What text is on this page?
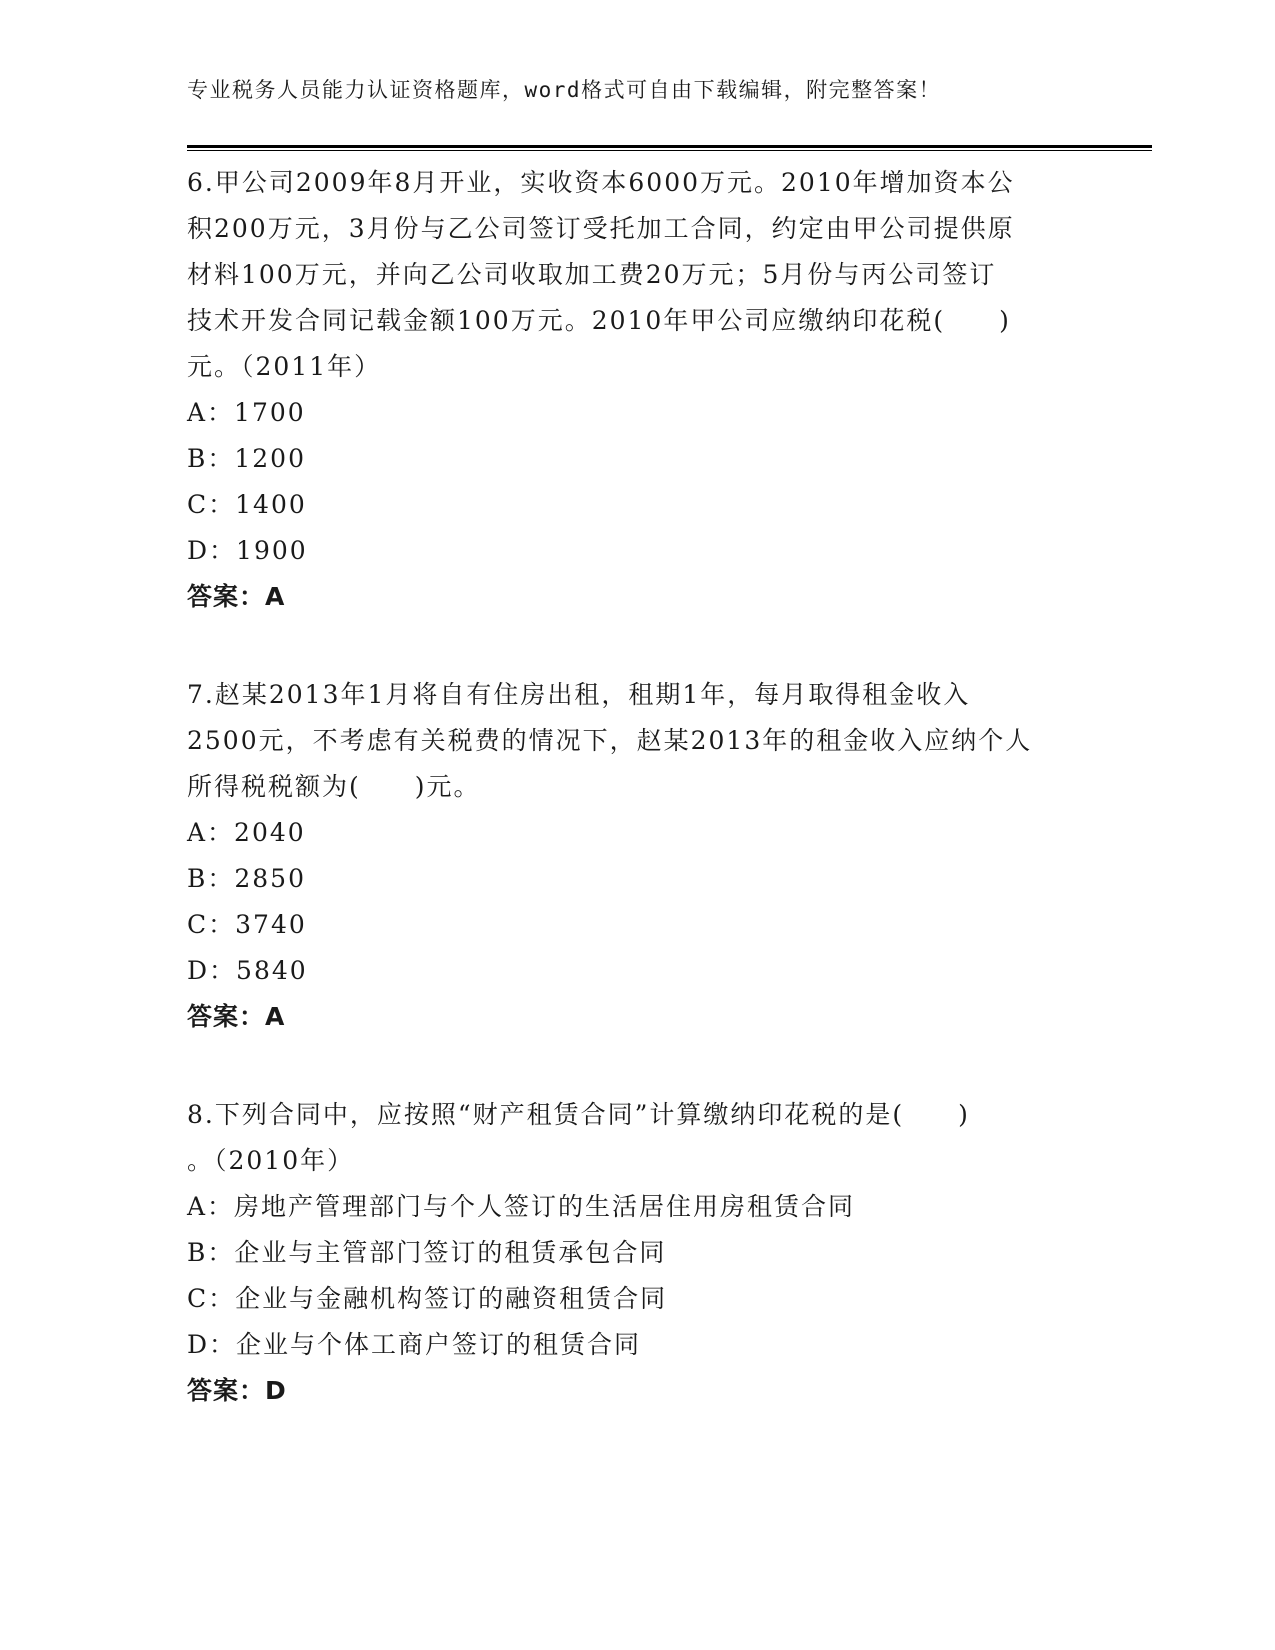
专业税务人员能力认证资格题库，word格式可自由下载编辑，附完整答案！
6.甲公司2009年8月开业，实收资本6000万元。2010年增加资本公
积200万元，3月份与乙公司签订受托加工合同，约定由甲公司提供原
材料100万元，并向乙公司收取加工费20万元；5月份与丙公司签订
技术开发合同记载金额100万元。2010年甲公司应缴纳印花税(　　)
元。（2011年）
A：1700
B：1200
C：1400
D：1900
答案：A
7.赵某2013年1月将自有住房出租，租期1年，每月取得租金收入
2500元，不考虑有关税费的情况下，赵某2013年的租金收入应纳个人
所得税税额为(　　)元。
A：2040
B：2850
C：3740
D：5840
答案：A
8.下列合同中，应按照“财产租赁合同”计算缴纳印花税的是(　　)
。（2010年）
A：房地产管理部门与个人签订的生活居住用房租赁合同
B：企业与主管部门签订的租赁承包合同
C：企业与金融机构签订的融资租赁合同
D：企业与个体工商户签订的租赁合同
答案：D
